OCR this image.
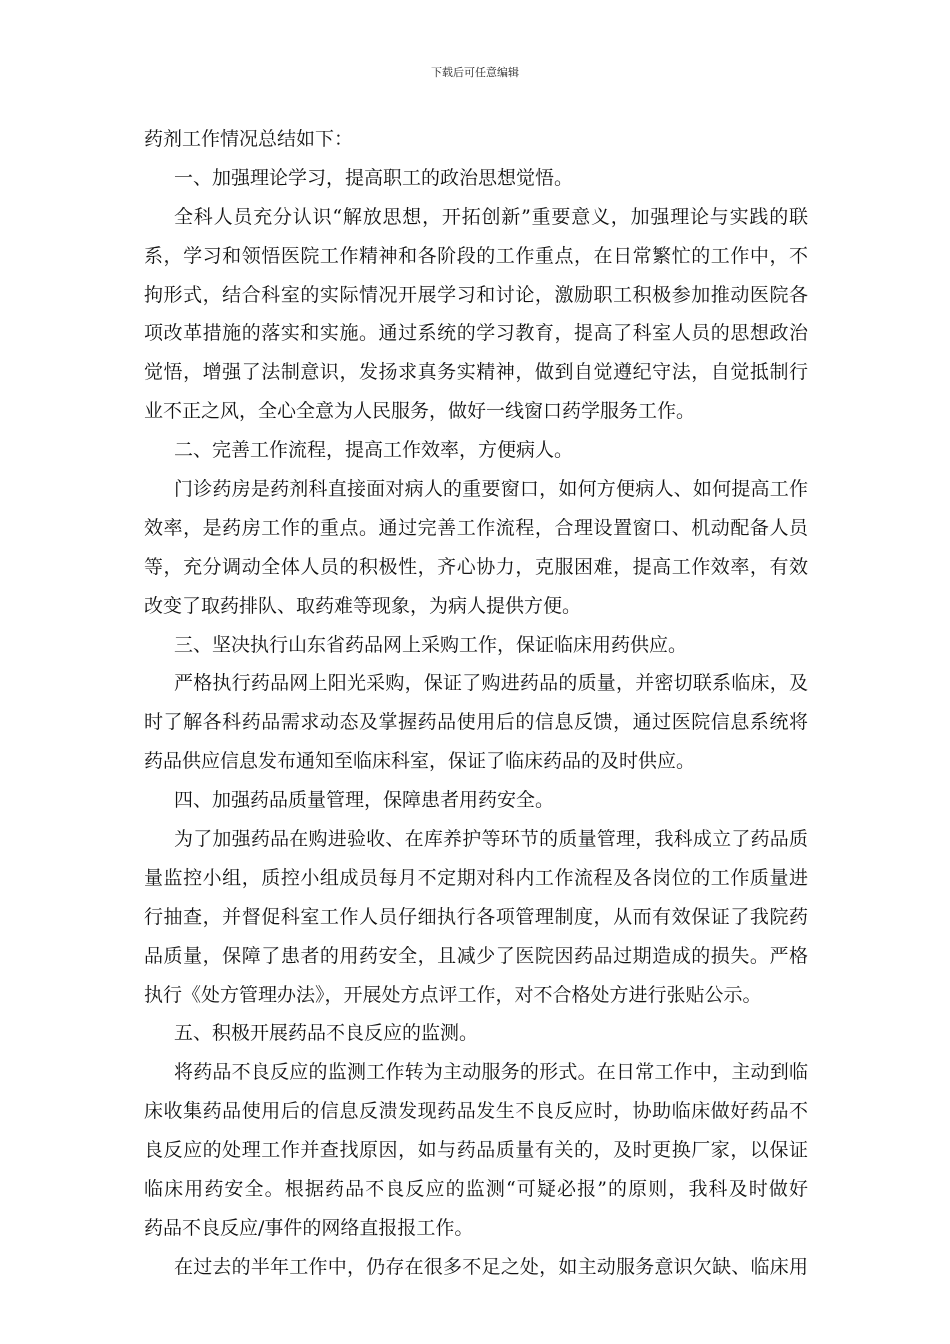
下载后可任意编辑
药剂工作情况总结如下：
一、加强理论学习，提高职工的政治思想觉悟。
全科人员充分认识“解放思想，开拓创新”重要意义，加强理论与实践的联
系，学习和领悟医院工作精神和各阶段的工作重点，在日常繁忙的工作中，不
拘形式，结合科室的实际情况开展学习和讨论，激励职工积极参加推动医院各
项改革措施的落实和实施。通过系统的学习教育，提高了科室人员的思想政治
觉悟，增强了法制意识，发扬求真务实精神，做到自觉遵纪守法，自觉抵制行
业不正之风，全心全意为人民服务，做好一线窗口药学服务工作。
二、完善工作流程，提高工作效率，方便病人。
门诊药房是药剂科直接面对病人的重要窗口，如何方便病人、如何提高工作
效率，是药房工作的重点。通过完善工作流程，合理设置窗口、机动配备人员
等，充分调动全体人员的积极性，齐心协力，克服困难，提高工作效率，有效
改变了取药排队、取药难等现象，为病人提供方便。
三、坚决执行山东省药品网上采购工作，保证临床用药供应。
严格执行药品网上阳光采购，保证了购进药品的质量，并密切联系临床，及
时了解各科药品需求动态及掌握药品使用后的信息反馈，通过医院信息系统将
药品供应信息发布通知至临床科室，保证了临床药品的及时供应。
四、加强药品质量管理，保障患者用药安全。
为了加强药品在购进验收、在库养护等环节的质量管理，我科成立了药品质
量监控小组，质控小组成员每月不定期对科内工作流程及各岗位的工作质量进
行抽查，并督促科室工作人员仔细执行各项管理制度，从而有效保证了我院药
品质量，保障了患者的用药安全，且减少了医院因药品过期造成的损失。严格
执行《处方管理办法》，开展处方点评工作，对不合格处方进行张贴公示。
五、积极开展药品不良反应的监测。
将药品不良反应的监测工作转为主动服务的形式。在日常工作中，主动到临
床收集药品使用后的信息反溃发现药品发生不良反应时，协助临床做好药品不
良反应的处理工作并查找原因，如与药品质量有关的，及时更换厂家，以保证
临床用药安全。根据药品不良反应的监测“可疑必报”的原则，我科及时做好
药品不良反应/事件的网络直报报工作。
在过去的半年工作中，仍存在很多不足之处，如主动服务意识欠缺、临床用
